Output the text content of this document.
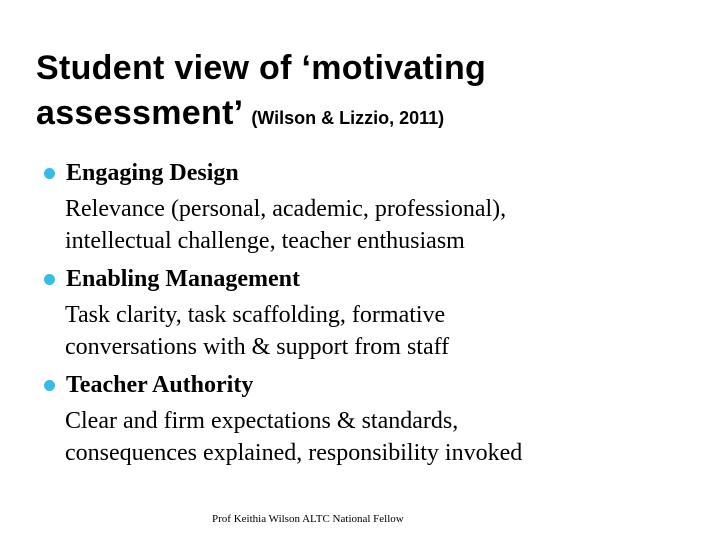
Student view of ‘motivating
assessment’ (Wilson & Lizzio, 2011)
Engaging Design
Relevance (personal, academic, professional),
intellectual challenge, teacher enthusiasm
Enabling Management
Task clarity, task scaffolding, formative
conversations with & support from staff
Teacher Authority
Clear and firm expectations & standards,
consequences explained, responsibility invoked
Prof Keithia Wilson ALTC National Fellow
